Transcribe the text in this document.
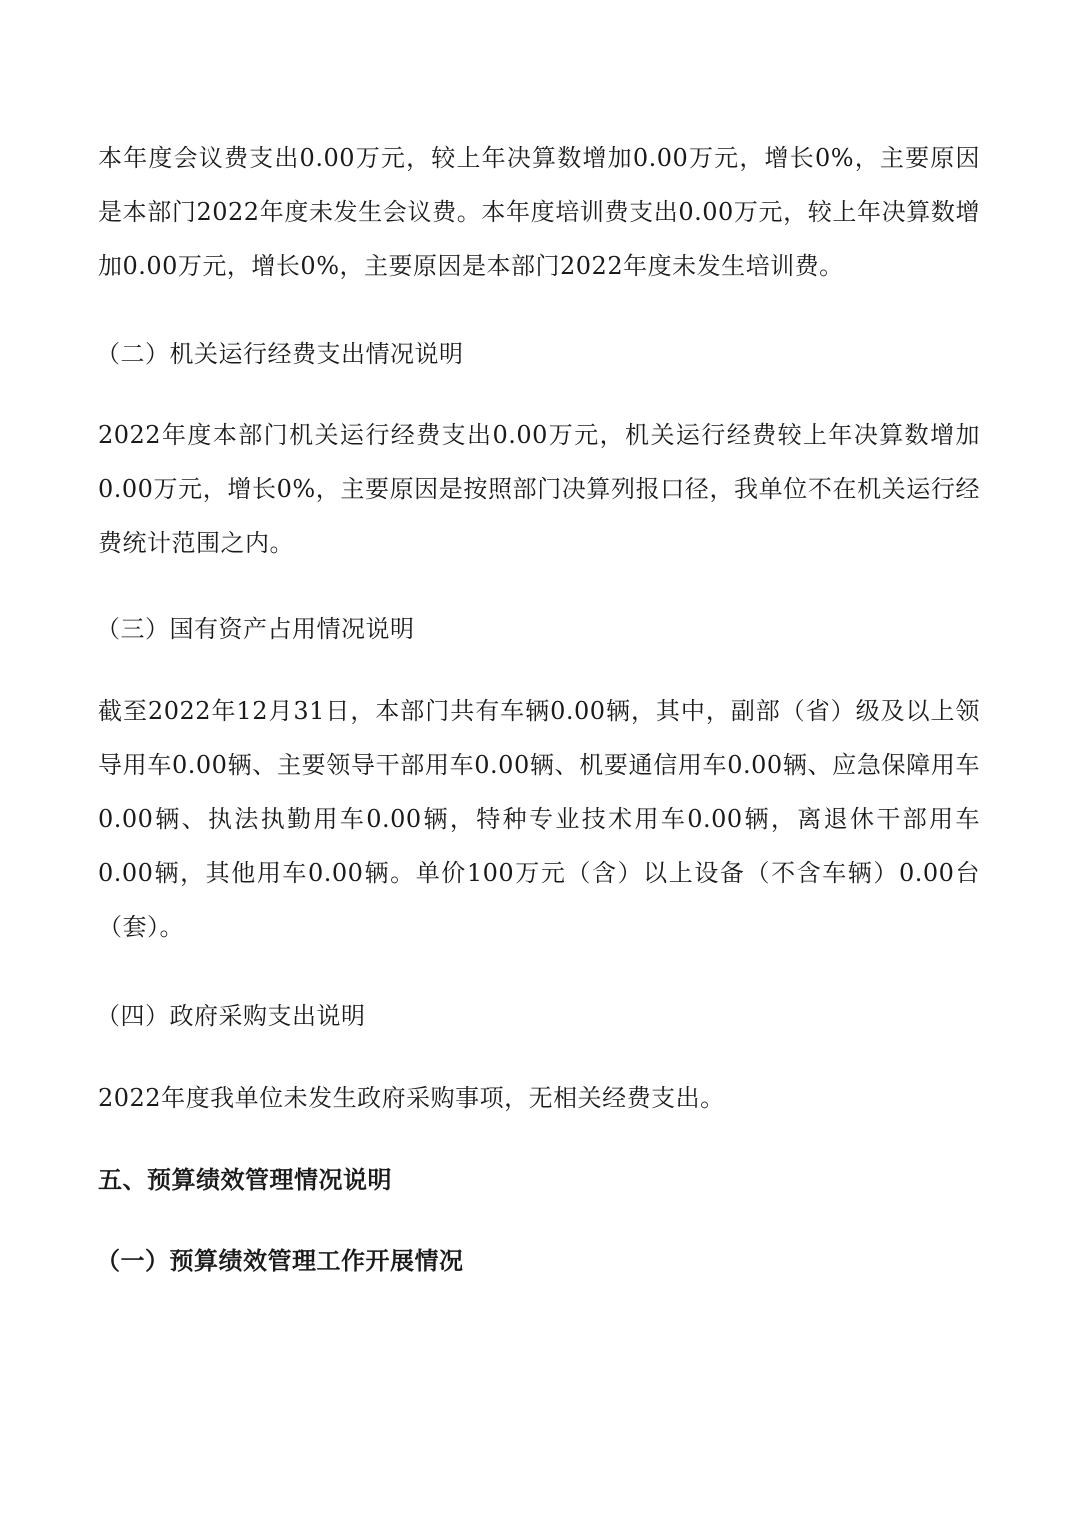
本年度会议费支出0.00万元，较上年决算数增加0.00万元，增长0%，主要原因是本部门2022年度未发生会议费。本年度培训费支出0.00万元，较上年决算数增加0.00万元，增长0%，主要原因是本部门2022年度未发生培训费。

（二）机关运行经费支出情况说明

2022年度本部门机关运行经费支出0.00万元，机关运行经费较上年决算数增加0.00万元，增长0%，主要原因是按照部门决算列报口径，我单位不在机关运行经费统计范围之内。

（三）国有资产占用情况说明

截至2022年12月31日，本部门共有车辆0.00辆，其中，副部（省）级及以上领导用车0.00辆、主要领导干部用车0.00辆、机要通信用车0.00辆、应急保障用车0.00辆、执法执勤用车0.00辆，特种专业技术用车0.00辆，离退休干部用车0.00辆，其他用车0.00辆。单价100万元（含）以上设备（不含车辆）0.00台（套）。

（四）政府采购支出说明

2022年度我单位未发生政府采购事项，无相关经费支出。

五、预算绩效管理情况说明

（一）预算绩效管理工作开展情况
